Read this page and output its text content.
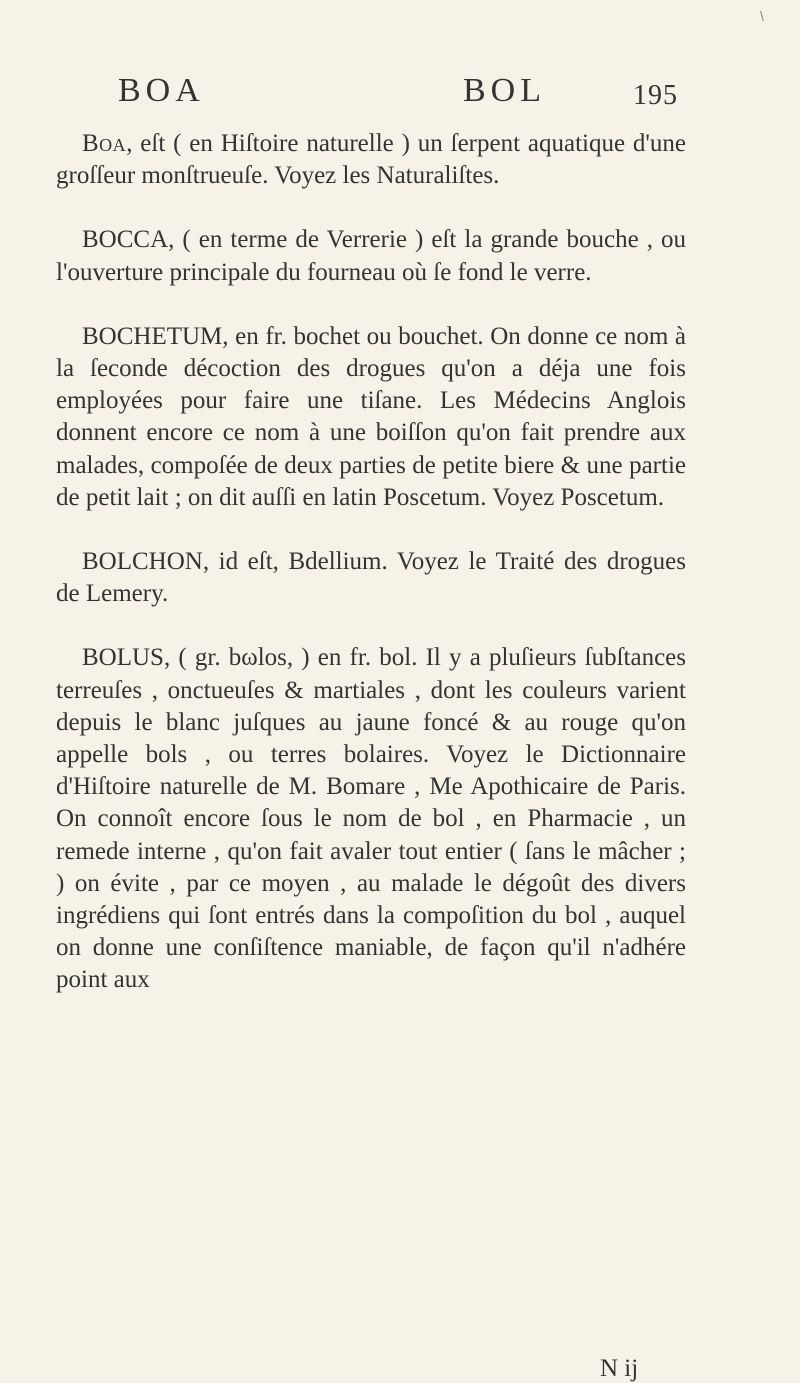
\
BOA	BOL	195

Boa, eſt ( en Hiſtoire naturelle ) un ſerpent aquatique d'une groſſeur monſtrueuſe. Voyez les Naturaliſtes.

BOCCA, ( en terme de Verrerie ) eſt la grande bouche , ou l'ouverture principale du fourneau où ſe fond le verre.

BOCHETUM, en fr. bochet ou bouchet. On donne ce nom à la ſeconde décoction des drogues qu'on a déja une fois employées pour faire une tiſane. Les Médecins Anglois donnent encore ce nom à une boiſſon qu'on fait prendre aux malades, compoſée de deux parties de petite biere & une partie de petit lait ; on dit auſſi en latin Poscetum. Voyez Poscetum.

BOLCHON, id eſt, Bdellium. Voyez le Traité des drogues de Lemery.

BOLUS, ( gr. bωlos, ) en fr. bol. Il y a pluſieurs ſubſtances terreuſes , onctueuſes & martiales , dont les couleurs varient depuis le blanc juſques au jaune foncé & au rouge qu'on appelle bols , ou terres bolaires. Voyez le Dictionnaire d'Hiſtoire naturelle de M. Bomare , Me Apothicaire de Paris. On connoît encore ſous le nom de bol , en Pharmacie , un remede interne , qu'on fait avaler tout entier ( ſans le mâcher ; ) on évite , par ce moyen , au malade le dégoût des divers ingrédiens qui ſont entrés dans la compoſition du bol , auquel on donne une conſiſtence maniable, de façon qu'il n'adhére point aux

N ij
